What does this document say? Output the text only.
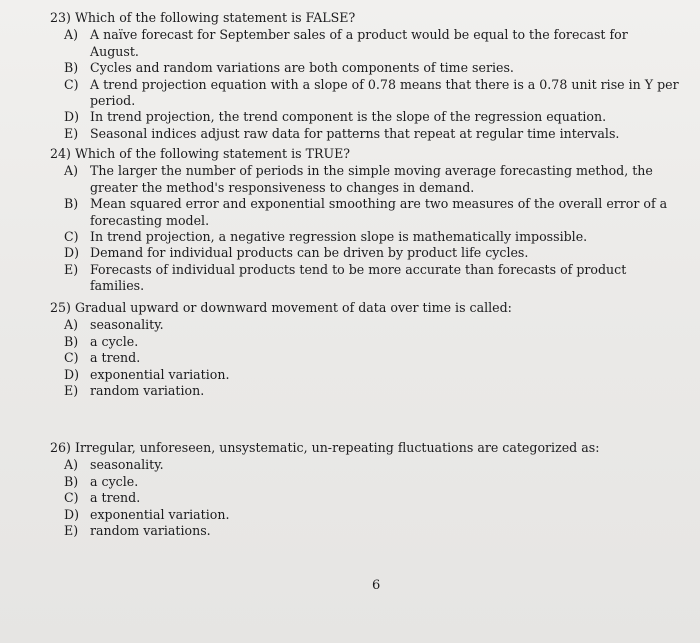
23) Which of the following statement is FALSE?
A) A naïve forecast for September sales of a product would be equal to the forecast for August.
B) Cycles and random variations are both components of time series.
C) A trend projection equation with a slope of 0.78 means that there is a 0.78 unit rise in Y per period.
D) In trend projection, the trend component is the slope of the regression equation.
E) Seasonal indices adjust raw data for patterns that repeat at regular time intervals.
24) Which of the following statement is TRUE?
A) The larger the number of periods in the simple moving average forecasting method, the greater the method's responsiveness to changes in demand.
B) Mean squared error and exponential smoothing are two measures of the overall error of a forecasting model.
C) In trend projection, a negative regression slope is mathematically impossible.
D) Demand for individual products can be driven by product life cycles.
E) Forecasts of individual products tend to be more accurate than forecasts of product families.
25) Gradual upward or downward movement of data over time is called:
A) seasonality.
B) a cycle.
C) a trend.
D) exponential variation.
E) random variation.
26) Irregular, unforeseen, unsystematic, un-repeating fluctuations are categorized as:
A) seasonality.
B) a cycle.
C) a trend.
D) exponential variation.
E) random variations.
6
